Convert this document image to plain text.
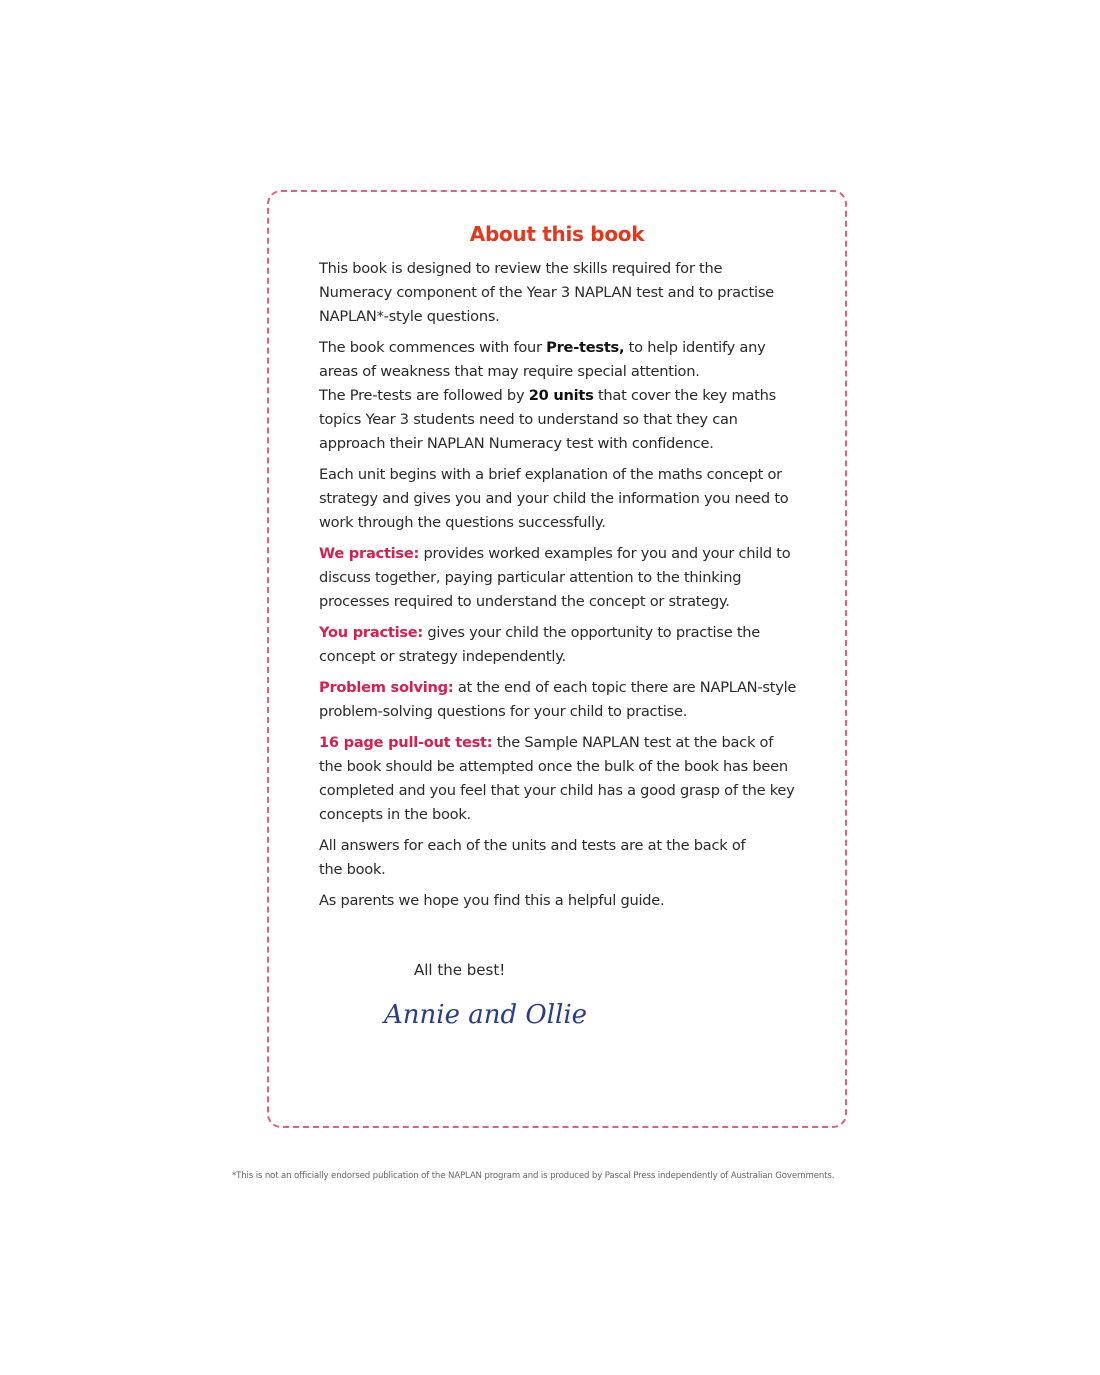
About this book

This book is designed to review the skills required for the Numeracy component of the Year 3 NAPLAN test and to practise NAPLAN*-style questions.

The book commences with four Pre-tests, to help identify any areas of weakness that may require special attention.

The Pre-tests are followed by 20 units that cover the key maths topics Year 3 students need to understand so that they can approach their NAPLAN Numeracy test with confidence.

Each unit begins with a brief explanation of the maths concept or strategy and gives you and your child the information you need to work through the questions successfully.

We practise: provides worked examples for you and your child to discuss together, paying particular attention to the thinking processes required to understand the concept or strategy.

You practise: gives your child the opportunity to practise the concept or strategy independently.

Problem solving: at the end of each topic there are NAPLAN-style problem-solving questions for your child to practise.

16 page pull-out test: the Sample NAPLAN test at the back of the book should be attempted once the bulk of the book has been completed and you feel that your child has a good grasp of the key concepts in the book.

All answers for each of the units and tests are at the back of the book.

As parents we hope you find this a helpful guide.

All the best!
Annie and Ollie
*This is not an officially endorsed publication of the NAPLAN program and is produced by Pascal Press independently of Australian Governments.
